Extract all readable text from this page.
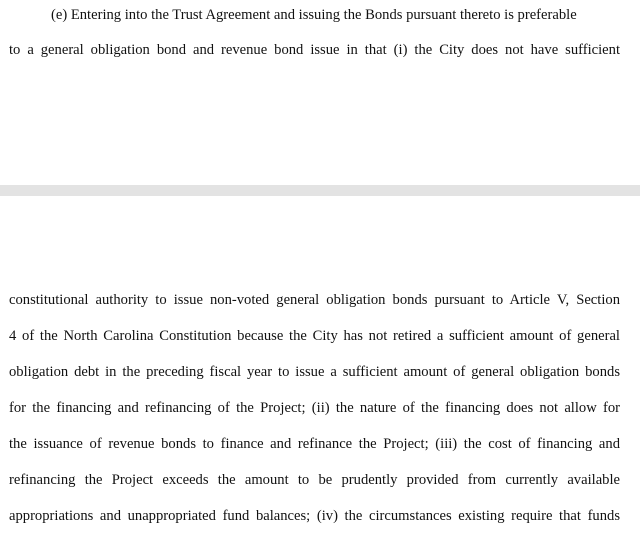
(e) Entering into the Trust Agreement and issuing the Bonds pursuant thereto is preferable
to a general obligation bond and revenue bond issue in that (i) the City does not have sufficient
constitutional authority to issue non-voted general obligation bonds pursuant to Article V, Section
4 of the North Carolina Constitution because the City has not retired a sufficient amount of general
obligation debt in the preceding fiscal year to issue a sufficient amount of general obligation bonds
for the financing and refinancing of the Project; (ii) the nature of the financing does not allow for
the issuance of revenue bonds to finance and refinance the Project; (iii) the cost of financing and
refinancing the Project exceeds the amount to be prudently provided from currently available
appropriations and unappropriated fund balances; (iv) the circumstances existing require that funds
